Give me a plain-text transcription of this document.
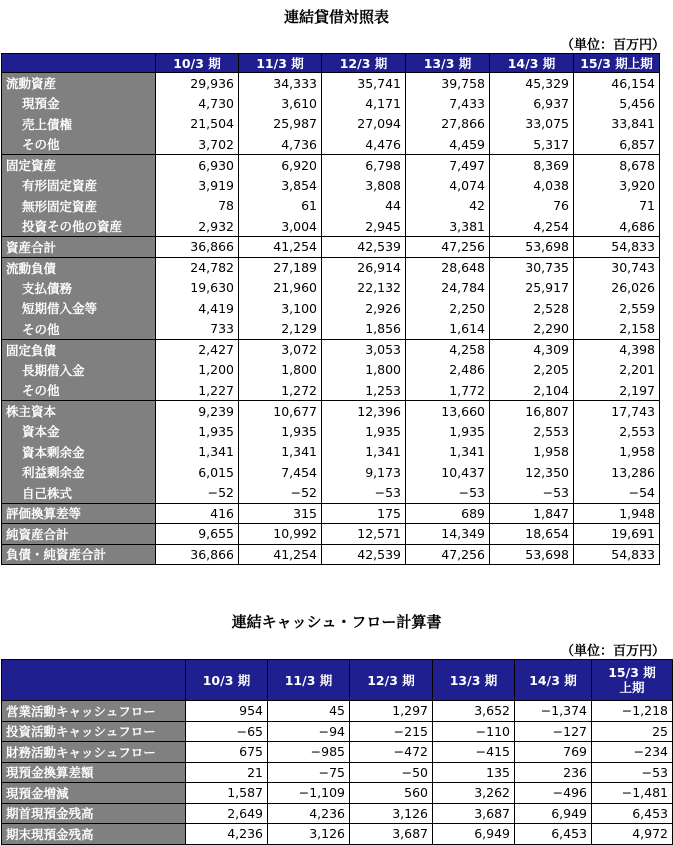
連結貸借対照表
（単位：百万円）
	10/3 期	11/3 期	12/3 期	13/3 期	14/3 期	15/3 期上期
流動資産	29,936	34,333	35,741	39,758	45,329	46,154
現預金	4,730	3,610	4,171	7,433	6,937	5,456
売上債権	21,504	25,987	27,094	27,866	33,075	33,841
その他	3,702	4,736	4,476	4,459	5,317	6,857
固定資産	6,930	6,920	6,798	7,497	8,369	8,678
有形固定資産	3,919	3,854	3,808	4,074	4,038	3,920
無形固定資産	78	61	44	42	76	71
投資その他の資産	2,932	3,004	2,945	3,381	4,254	4,686
資産合計	36,866	41,254	42,539	47,256	53,698	54,833
流動負債	24,782	27,189	26,914	28,648	30,735	30,743
支払債務	19,630	21,960	22,132	24,784	25,917	26,026
短期借入金等	4,419	3,100	2,926	2,250	2,528	2,559
その他	733	2,129	1,856	1,614	2,290	2,158
固定負債	2,427	3,072	3,053	4,258	4,309	4,398
長期借入金	1,200	1,800	1,800	2,486	2,205	2,201
その他	1,227	1,272	1,253	1,772	2,104	2,197
株主資本	9,239	10,677	12,396	13,660	16,807	17,743
資本金	1,935	1,935	1,935	1,935	2,553	2,553
資本剰余金	1,341	1,341	1,341	1,341	1,958	1,958
利益剰余金	6,015	7,454	9,173	10,437	12,350	13,286
自己株式	−52	−52	−53	−53	−53	−54
評価換算差等	416	315	175	689	1,847	1,948
純資産合計	9,655	10,992	12,571	14,349	18,654	19,691
負債・純資産合計	36,866	41,254	42,539	47,256	53,698	54,833
連結キャッシュ・フロー計算書
（単位：百万円）
	10/3 期	11/3 期	12/3 期	13/3 期	14/3 期	15/3 期
上期
営業活動キャッシュフロー	954	45	1,297	3,652	−1,374	−1,218
投資活動キャッシュフロー	−65	−94	−215	−110	−127	25
財務活動キャッシュフロー	675	−985	−472	−415	769	−234
現預金換算差額	21	−75	−50	135	236	−53
現預金増減	1,587	−1,109	560	3,262	−496	−1,481
期首現預金残高	2,649	4,236	3,126	3,687	6,949	6,453
期末現預金残高	4,236	3,126	3,687	6,949	6,453	4,972
